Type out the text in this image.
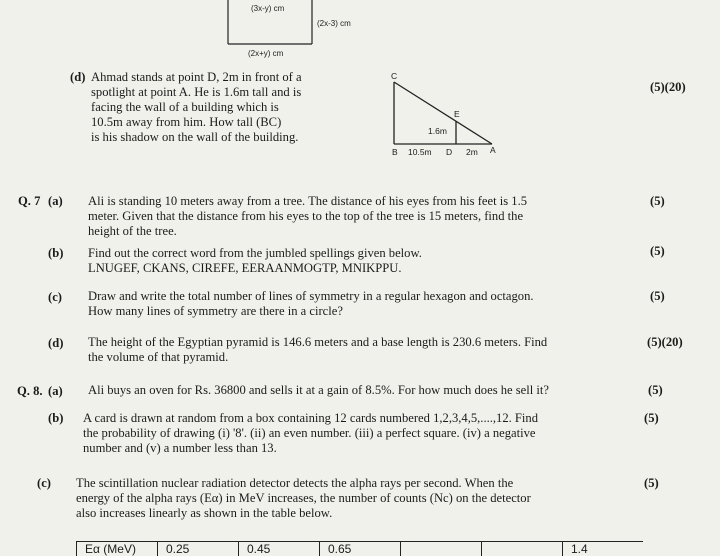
(3x-y) cm
(2x-3) cm
(2x+y) cm
(d) Ahmad stands at point D, 2m in front of a
spotlight at point A. He is 1.6m tall and is
facing the wall of a building which is
10.5m away from him. How tall (BC)
is his shadow on the wall of the building.
(5)(20)
C
E
1.6m
B 10.5m D 2m A
Q. 7 (a) Ali is standing 10 meters away from a tree. The distance of his eyes from his feet is 1.5
meter. Given that the distance from his eyes to the top of the tree is 15 meters, find the
height of the tree.
(5)
(b) Find out the correct word from the jumbled spellings given below.
LNUGEF, CKANS, CIREFE, EERAANMOGTP, MNIKPPU.
(5)
(c) Draw and write the total number of lines of symmetry in a regular hexagon and octagon.
How many lines of symmetry are there in a circle?
(5)
(d) The height of the Egyptian pyramid is 146.6 meters and a base length is 230.6 meters. Find
the volume of that pyramid.
(5)(20)
Q. 8. (a) Ali buys an oven for Rs. 36800 and sells it at a gain of 8.5%. For how much does he sell it?	(5)
(b) A card is drawn at random from a box containing 12 cards numbered 1,2,3,4,5,....,12. Find
the probability of drawing (i) '8'. (ii) an even number. (iii) a perfect square. (iv) a negative
number and (v) a number less than 13.
(5)
(c) The scintillation nuclear radiation detector detects the alpha rays per second. When the
energy of the alpha rays (Eα) in MeV increases, the number of counts (Nc) on the detector
also increases linearly as shown in the table below.
(5)
Eα (MeV)	0.25	0.45	0.65			1.4
